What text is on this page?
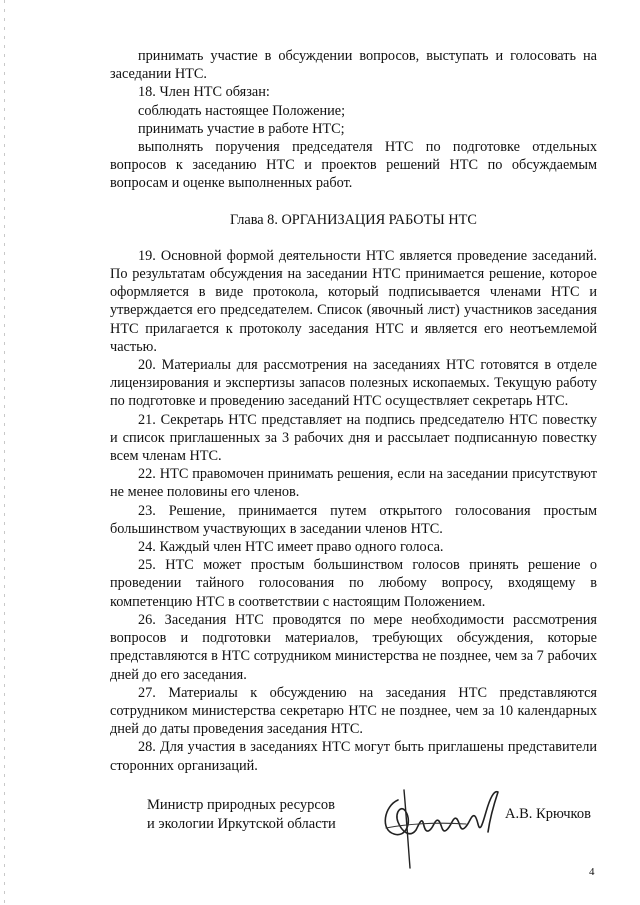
принимать участие в обсуждении вопросов, выступать и голосовать на заседании НТС.

18. Член НТС обязан:

соблюдать настоящее Положение;

принимать участие в работе НТС;

выполнять поручения председателя НТС по подготовке отдельных вопросов к заседанию НТС и проектов решений НТС по обсуждаемым вопросам и оценке выполненных работ.

Глава 8. ОРГАНИЗАЦИЯ РАБОТЫ НТС

19. Основной формой деятельности НТС является проведение заседаний. По результатам обсуждения на заседании НТС принимается решение, которое оформляется в виде протокола, который подписывается членами НТС и утверждается его председателем. Список (явочный лист) участников заседания НТС прилагается к протоколу заседания НТС и является его неотъемлемой частью.

20. Материалы для рассмотрения на заседаниях НТС готовятся в отделе лицензирования и экспертизы запасов полезных ископаемых. Текущую работу по подготовке и проведению заседаний НТС осуществляет секретарь НТС.

21. Секретарь НТС представляет на подпись председателю НТС повестку и список приглашенных за 3 рабочих дня и рассылает подписанную повестку всем членам НТС.

22. НТС правомочен принимать решения, если на заседании присутствуют не менее половины его членов.

23. Решение, принимается путем открытого голосования простым большинством участвующих в заседании членов НТС.

24. Каждый член НТС имеет право одного голоса.

25. НТС может простым большинством голосов принять решение о проведении тайного голосования по любому вопросу, входящему в компетенцию НТС в соответствии с настоящим Положением.

26. Заседания НТС проводятся по мере необходимости рассмотрения вопросов и подготовки материалов, требующих обсуждения, которые представляются в НТС сотрудником министерства не позднее, чем за 7 рабочих дней до его заседания.

27. Материалы к обсуждению на заседания НТС представляются сотрудником министерства секретарю НТС не позднее, чем за 10 календарных дней до даты проведения заседания НТС.

28. Для участия в заседаниях НТС могут быть приглашены представители сторонних организаций.

Министр природных ресурсов
и экологии Иркутской области
А.В. Крючков
4
